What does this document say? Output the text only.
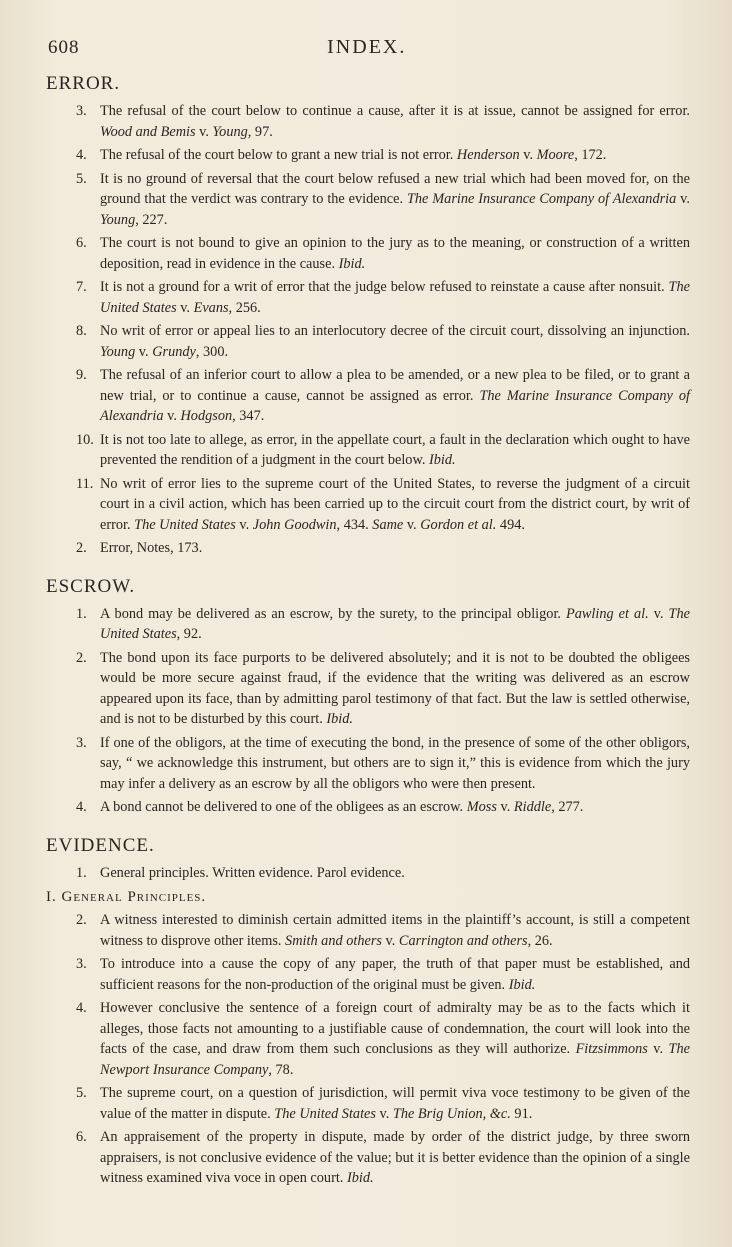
608	INDEX.
ERROR.
3. The refusal of the court below to continue a cause, after it is at issue, cannot be assigned for error. Wood and Bemis v. Young, 97.
4. The refusal of the court below to grant a new trial is not error. Henderson v. Moore, 172.
5. It is no ground of reversal that the court below refused a new trial which had been moved for, on the ground that the verdict was contrary to the evidence. The Marine Insurance Company of Alexandria v. Young, 227.
6. The court is not bound to give an opinion to the jury as to the meaning, or construction of a written deposition, read in evidence in the cause. Ibid.
7. It is not a ground for a writ of error that the judge below refused to reinstate a cause after nonsuit. The United States v. Evans, 256.
8. No writ of error or appeal lies to an interlocutory decree of the circuit court, dissolving an injunction. Young v. Grundy, 300.
9. The refusal of an inferior court to allow a plea to be amended, or a new plea to be filed, or to grant a new trial, or to continue a cause, cannot be assigned as error. The Marine Insurance Company of Alexandria v. Hodgson, 347.
10. It is not too late to allege, as error, in the appellate court, a fault in the declaration which ought to have prevented the rendition of a judgment in the court below. Ibid.
11. No writ of error lies to the supreme court of the United States, to reverse the judgment of a circuit court in a civil action, which has been carried up to the circuit court from the district court, by writ of error. The United States v. John Goodwin, 434. Same v. Gordon et al. 494.
2. Error, Notes, 173.
ESCROW.
1. A bond may be delivered as an escrow, by the surety, to the principal obligor. Pawling et al. v. The United States, 92.
2. The bond upon its face purports to be delivered absolutely; and it is not to be doubted the obligees would be more secure against fraud, if the evidence that the writing was delivered as an escrow appeared upon its face, than by admitting parol testimony of that fact. But the law is settled otherwise, and is not to be disturbed by this court. Ibid.
3. If one of the obligors, at the time of executing the bond, in the presence of some of the other obligors, say, “ we acknowledge this instrument, but others are to sign it,” this is evidence from which the jury may infer a delivery as an escrow by all the obligors who were then present.
4. A bond cannot be delivered to one of the obligees as an escrow. Moss v. Riddle, 277.
EVIDENCE.
1. General principles. Written evidence. Parol evidence.
I. General Principles.
2. A witness interested to diminish certain admitted items in the plaintiff’s account, is still a competent witness to disprove other items. Smith and others v. Carrington and others, 26.
3. To introduce into a cause the copy of any paper, the truth of that paper must be established, and sufficient reasons for the non-production of the original must be given. Ibid.
4. However conclusive the sentence of a foreign court of admiralty may be as to the facts which it alleges, those facts not amounting to a justifiable cause of condemnation, the court will look into the facts of the case, and draw from them such conclusions as they will authorize. Fitzsimmons v. The Newport Insurance Company, 78.
5. The supreme court, on a question of jurisdiction, will permit viva voce testimony to be given of the value of the matter in dispute. The United States v. The Brig Union, &c. 91.
6. An appraisement of the property in dispute, made by order of the district judge, by three sworn appraisers, is not conclusive evidence of the value; but it is better evidence than the opinion of a single witness examined viva voce in open court. Ibid.
